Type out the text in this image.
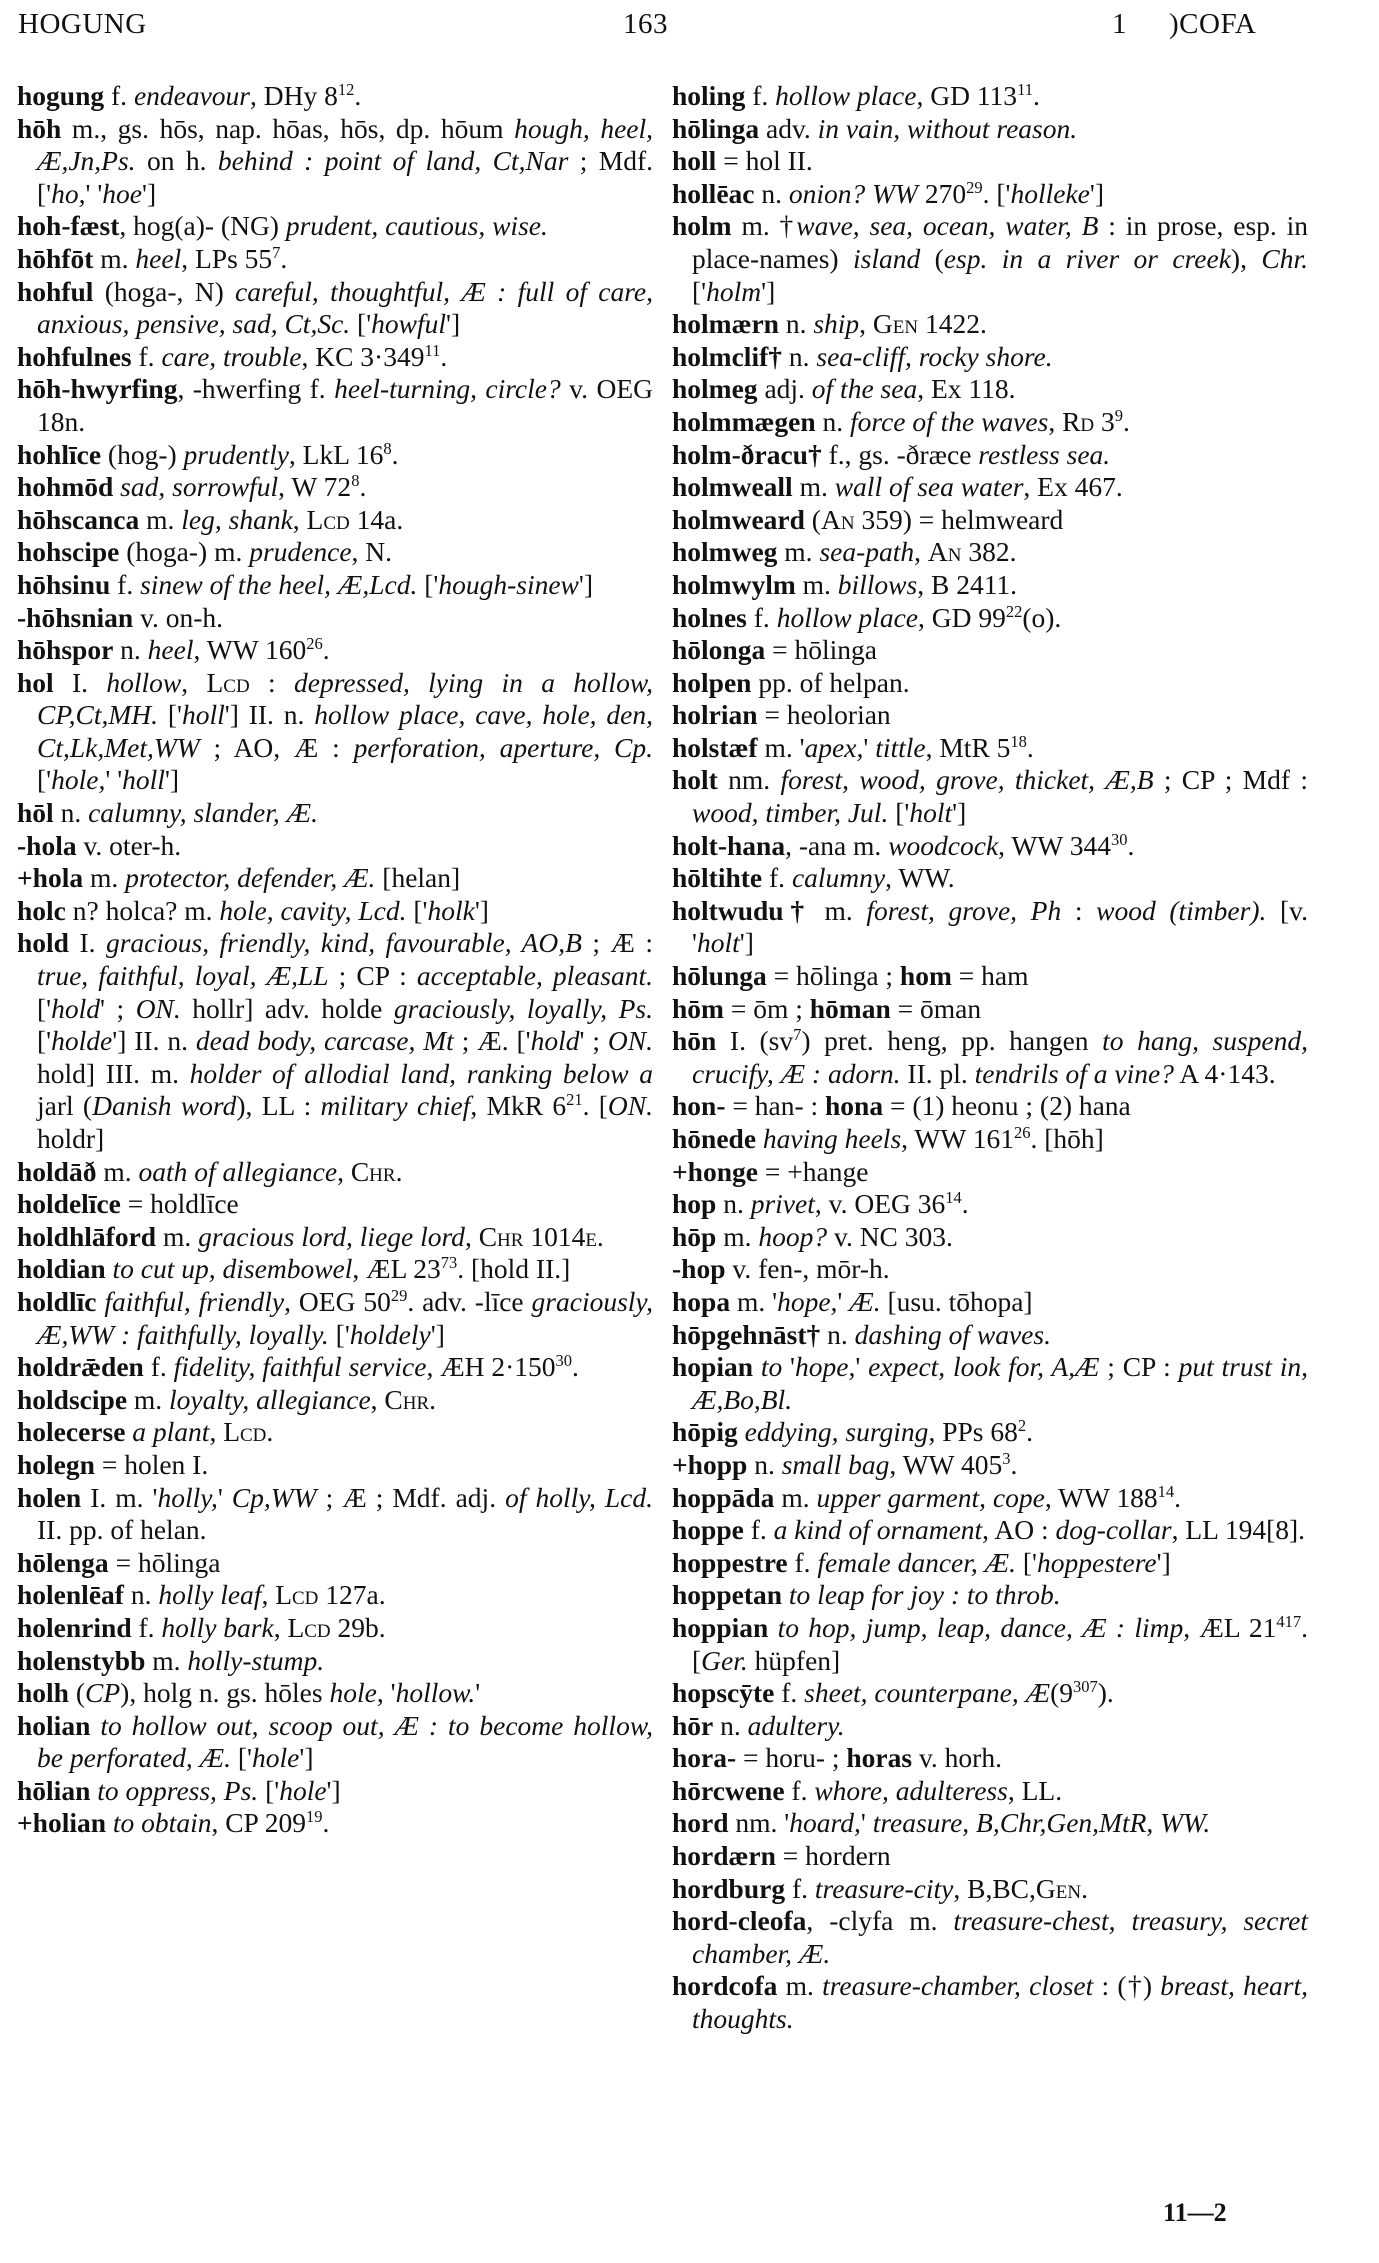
HOGUNG	163	1 )COFA

hogung f. endeavour, DHy $8^{12}$.

hōh m., gs. hōs, nap. hōas, hōs, dp. hōum hough, heel, Æ,Jn,Ps. on h. behind : point of land, Ct,Nar ; Mdf. ['ho,' 'hoe']

hoh-fæst, hog(a)- (NG) prudent, cautious, wise.

hōhfōt m. heel, LPs $55^7$.

hohful (hoga-, N) careful, thoughtful, Æ : full of care, anxious, pensive, sad, Ct,Sc. ['howful']

hohfulnes f. care, trouble, KC $3\cdot 349^{11}$.

hōh-hwyrfing, -hwerfing f. heel-turning, circle? v. OEG 18n.

hohlīce (hog-) prudently, LkL $16^8$.

hohmōd sad, sorrowful, W $72^8$.

hōhscanca m. leg, shank, Lcd 14a.

hohscipe (hoga-) m. prudence, N.

hōhsinu f. sinew of the heel, Æ,Lcd. ['hough-sinew']

-hōhsnian v. on-h.

hōhspor n. heel, WW $160^{26}$.

hol I. hollow, Lcd : depressed, lying in a hollow, CP,Ct,MH. ['holl'] II. n. hollow place, cave, hole, den, Ct,Lk,Met,WW ; AO, Æ : perforation, aperture, Cp. ['hole,' 'holl']

hōl n. calumny, slander, Æ.

-hola v. oter-h.

+hola m. protector, defender, Æ. [helan]

holc n? holca? m. hole, cavity, Lcd. ['holk']

hold I. gracious, friendly, kind, favourable, AO,B ; Æ : true, faithful, loyal, Æ,LL ; CP : acceptable, pleasant. ['hold' ; ON. hollr] adv. holde graciously, loyally, Ps. ['holde'] II. n. dead body, carcase, Mt ; Æ. ['hold' ; ON. hold] III. m. holder of allodial land, ranking below a jarl (Danish word), LL : military chief, MkR $6^{21}$. [ON. holdr]

holdāð m. oath of allegiance, Chr.

holdelīce = holdlīce

holdhlāford m. gracious lord, liege lord, Chr 1014e.

holdian to cut up, disembowel, ÆL $23^{73}$. [hold II.]

holdlīc faithful, friendly, OEG $50^{29}$. adv. -līce graciously, Æ,WW : faithfully, loyally. ['holdely']

holdrǣden f. fidelity, faithful service, ÆH $2\cdot 150^{30}$.

holdscipe m. loyalty, allegiance, Chr.

holecerse a plant, Lcd.

holegn = holen I.

holen I. m. 'holly,' Cp,WW ; Æ ; Mdf. adj. of holly, Lcd. II. pp. of helan.

hōlenga = hōlinga

holenlēaf n. holly leaf, Lcd 127a.

holenrind f. holly bark, Lcd 29b.

holenstybb m. holly-stump.

holh (CP), holg n. gs. hōles hole, 'hollow.'

holian to hollow out, scoop out, Æ : to become hollow, be perforated, Æ. ['hole']

hōlian to oppress, Ps. ['hole']

+holian to obtain, CP $209^{19}$.

holing f. hollow place, GD $113^{11}$.

hōlinga adv. in vain, without reason.

holl = hol II.

hollēac n. onion? WW $270^{29}$. ['holleke']

holm m. †wave, sea, ocean, water, B : in prose, esp. in place-names) island (esp. in a river or creek), Chr. ['holm']

holmærn n. ship, Gen 1422.

holmclif† n. sea-cliff, rocky shore.

holmeg adj. of the sea, Ex 118.

holmmægen n. force of the waves, Rd $3^9$.

holm-ðracu† f., gs. -ðræce restless sea.

holmweall m. wall of sea water, Ex 467.

holmweard (An 359) = helmweard

holmweg m. sea-path, An 382.

holmwylm m. billows, B 2411.

holnes f. hollow place, GD $99^{22}(o)$.

hōlonga = hōlinga

holpen pp. of helpan.

holrian = heolorian

holstæf m. 'apex,' tittle, MtR $5^{18}$.

holt nm. forest, wood, grove, thicket, Æ,B ; CP ; Mdf : wood, timber, Jul. ['holt']

holt-hana, -ana m. woodcock, WW $344^{30}$.

hōltihte f. calumny, WW.

holtwudu† m. forest, grove, Ph : wood (timber). [v. 'holt']

hōlunga = hōlinga ; hom = ham

hōm = ōm ; hōman = ōman

hōn I. $(sv^7)$ pret. heng, pp. hangen to hang, suspend, crucify, Æ : adorn. II. pl. tendrils of a vine? A 4·143.

hon- = han- : hona = (1) heonu ; (2) hana

hōnede having heels, WW $161^{26}$. [hōh]

+honge = +hange

hop n. privet, v. OEG $36^{14}$.

hōp m. hoop? v. NC 303.

-hop v. fen-, mōr-h.

hopa m. 'hope,' Æ. [usu. tōhopa]

hōpgehnāst† n. dashing of waves.

hopian to 'hope,' expect, look for, A,Æ ; CP : put trust in, Æ,Bo,Bl.

hōpig eddying, surging, PPs $68^2$.

+hopp n. small bag, WW $405^3$.

hoppāda m. upper garment, cope, WW $188^{14}$.

hoppe f. a kind of ornament, AO : dog-collar, LL 194[8].

hoppestre f. female dancer, Æ. ['hoppestere']

hoppetan to leap for joy : to throb.

hoppian to hop, jump, leap, dance, Æ : limp, ÆL $21^{417}$. [Ger. hüpfen]

hopscȳte f. sheet, counterpane, $Æ(9^{307})$.

hōr n. adultery.

hora- = horu- ; horas v. horh.

hōrcwene f. whore, adulteress, LL.

hord nm. 'hoard,' treasure, B,Chr,Gen,MtR, WW.

hordærn = hordern

hordburg f. treasure-city, B,BC,Gen.

hord-cleofa, -clyfa m. treasure-chest, treasury, secret chamber, Æ.

hordcofa m. treasure-chamber, closet : (†) breast, heart, thoughts.

11—2
